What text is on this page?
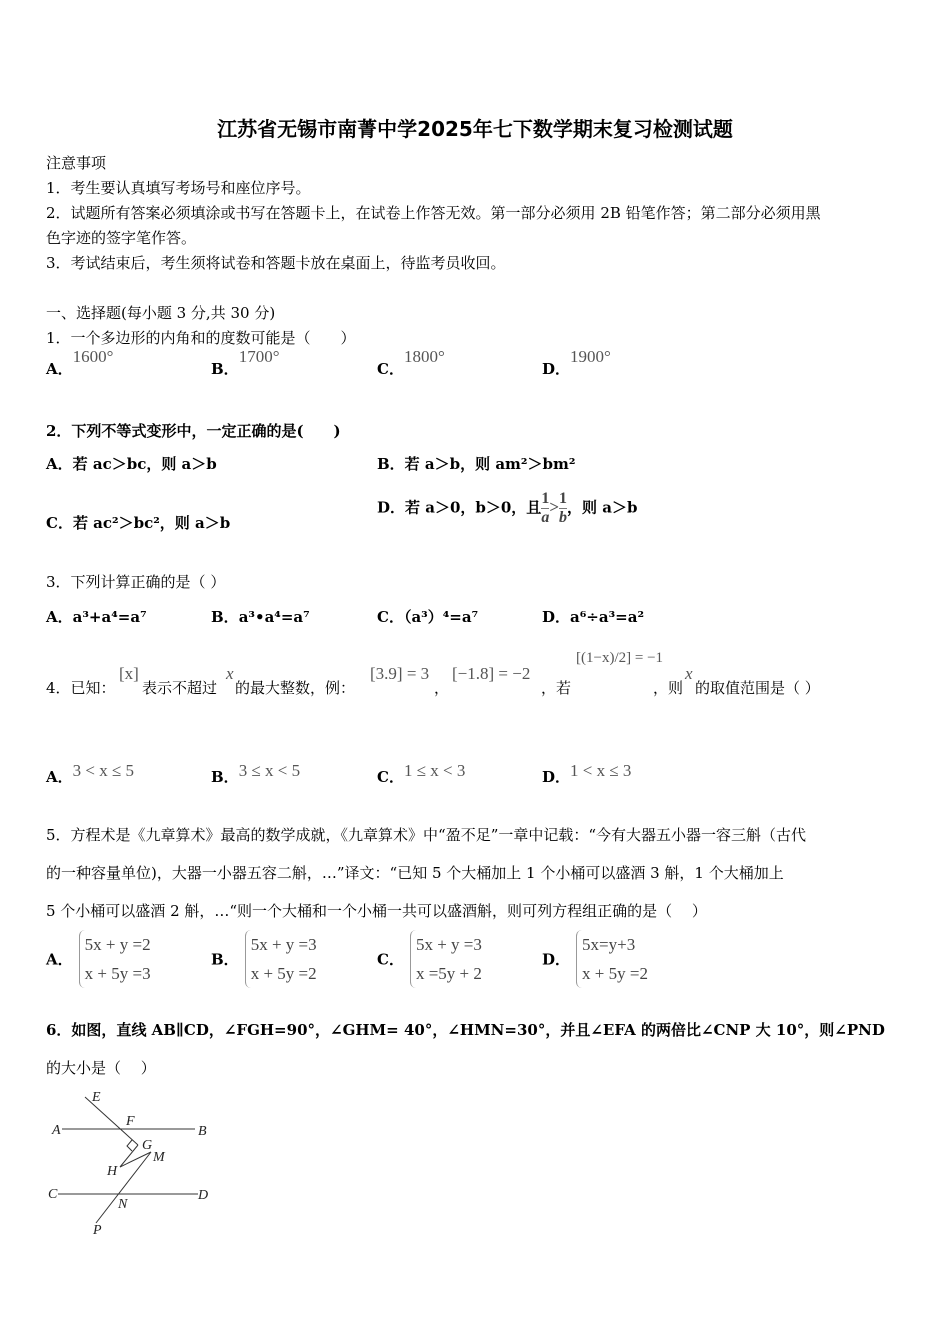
江苏省无锡市南菁中学2025年七下数学期末复习检测试题
注意事项
1．考生要认真填写考场号和座位序号。
2．试题所有答案必须填涂或书写在答题卡上，在试卷上作答无效。第一部分必须用 2B 铅笔作答；第二部分必须用黑
色字迹的签字笔作答。
3．考试结束后，考生须将试卷和答题卡放在桌面上，待监考员收回。
一、选择题(每小题 3 分,共 30 分)
1．一个多边形的内角和的度数可能是（　　）
A．1600°
B．1700°
C．1800°
D．1900°
2．下列不等式变形中，一定正确的是(　　)
A．若 ac＞bc，则 a＞b	B．若 a＞b，则 am²＞bm²
C．若 ac²＞bc²，则 a＞b
D．若 a＞0，b＞0，且 $\frac{1}{a} > \frac{1}{b}$ ，则 a＞b
3．下列计算正确的是（ ）
A．a³+a⁴=a⁷	B．a³•a⁴=a⁷	C．（a³）⁴=a⁷	D．a⁶÷a³=a²
4．已知：
[x]
表示不超过
x
的最大整数，例：
[3.9] = 3
，
[−1.8] = −2
，若
[(1−x)/2] = −1
，则
x
的取值范围是（ ）
A．3 < x ≤ 5	B．3 ≤ x < 5	C．1 ≤ x < 3	D．1 < x ≤ 3
5．方程术是《九章算术》最高的数学成就，《九章算术》中“盈不足”一章中记载：“今有大器五小器一容三斛（古代
的一种容量单位)，大器一小器五容二斛，…”译文：“已知 5 个大桶加上 1 个小桶可以盛酒 3 斛，1 个大桶加上
5 个小桶可以盛酒 2 斛，…“则一个大桶和一个小桶一共可以盛酒斛，则可列方程组正确的是（　 ）
A．
5x + y =2
x + 5y =3
B．
5x + y =3
x + 5y =2
C．
5x + y =3
x =5y + 2
D．
5x=y+3
x + 5y =2
6．如图，直线 AB∥CD，∠FGH=90°，∠GHM= 40°，∠HMN=30°，并且∠EFA 的两倍比∠CNP 大 10°，则∠PND
的大小是（　 ）
E
F
A	B
G
M
H
C	D
N
P
